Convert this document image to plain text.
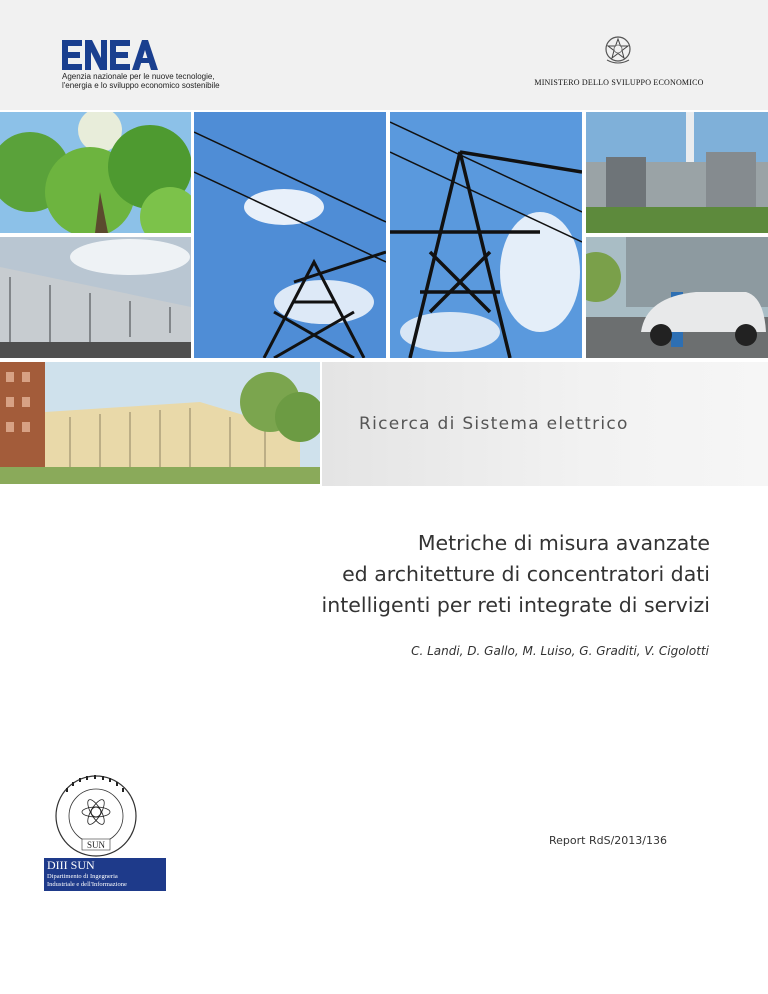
Agenzia nazionale per le nuove tecnologie,
l'energia e lo sviluppo economico sostenibile	MINISTERO DELLO SVILUPPO ECONOMICO
Ricerca di Sistema elettrico
Metriche di misura avanzate
ed architetture di concentratori dati
intelligenti per reti integrate di servizi
C. Landi, D. Gallo, M. Luiso, G. Graditi, V. Cigolotti
SUN
DIII SUN
Dipartimento di Ingegneria
Industriale e dell'Informazione
Report RdS/2013/136
